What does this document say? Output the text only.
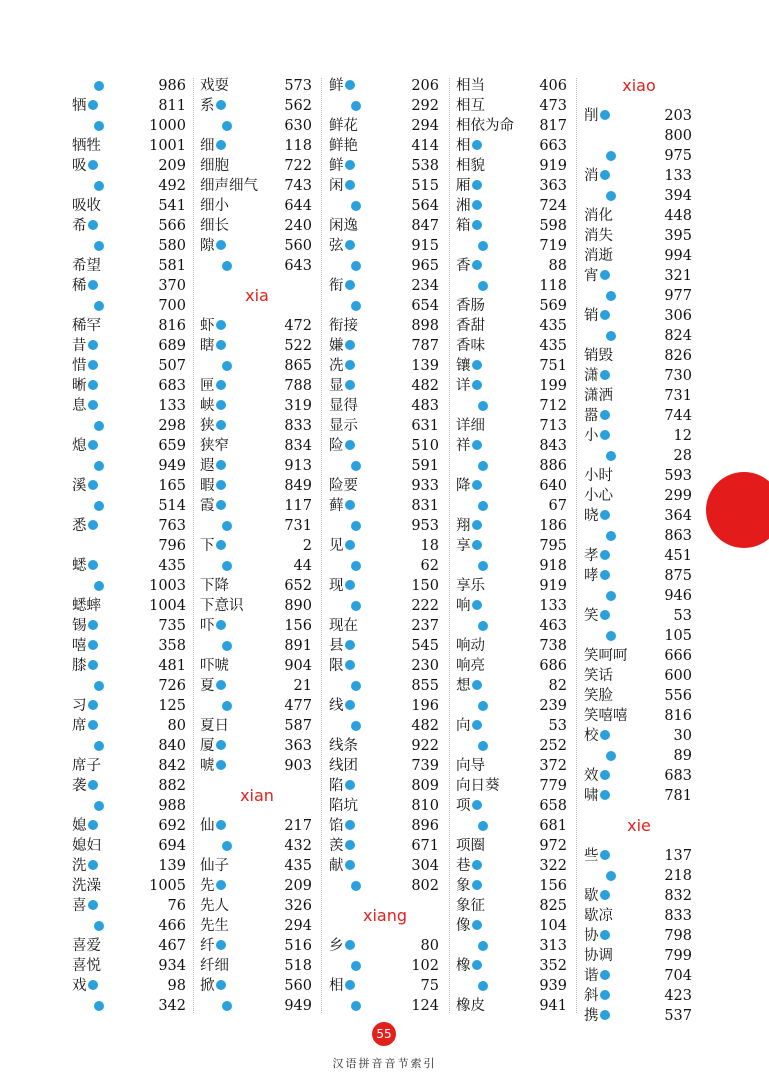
986
牺	811
1000
牺牲	1001
吸	209
492
吸收	541
希	566
580
希望	581
稀	370
700
稀罕	816
昔	689
惜	507
晰	683
息	133
298
熄	659
949
溪	165
514
悉	763
796
蟋	435
1003
蟋蟀	1004
锡	735
嘻	358
膝	481
726
习	125
席	80
840
席子	842
袭	882
988
媳	692
媳妇	694
洗	139
洗澡	1005
喜	76
466
喜爱	467
喜悦	934
戏	98
342
戏耍	573
系	562
630
细	118
细胞	722
细声细气 743
细小	644
细长	240
隙	560
643
xia
虾	472
瞎	522
865
匣	788
峡	319
狭	833
狭窄	834
遐	913
暇	849
霞	117
731
下	2
44
下降	652
下意识	890
吓	156
891
吓唬	904
夏	21
477
夏日	587
厦	363
唬	903
xian
仙	217
432
仙子	435
先	209
先人	326
先生	294
纤	516
纤细	518
掀	560
949
鲜	206
292
鲜花	294
鲜艳	414
鲜	538
闲	515
564
闲逸	847
弦	915
965
衔	234
654
衔接	898
嫌	787
冼	139
显	482
显得	483
显示	631
险	510
591
险要	933
藓	831
953
见	18
62
现	150
222
现在	237
县	545
限	230
855
线	196
482
线条	922
线团	739
陷	809
陷坑	810
馅	896
羡	671
献	304
802
xiang
乡	80
102
相	75
124
相当	406
相互	473
相依为命 817
相	663
相貌	919
厢	363
湘	724
箱	598
719
香	88
118
香肠	569
香甜	435
香味	435
镶	751
详	199
712
详细	713
祥	843
886
降	640
67
翔	186
享	795
918
享乐	919
响	133
463
响动	738
响亮	686
想	82
239
向	53
252
向导	372
向日葵	779
项	658
681
项圈	972
巷	322
象	156
象征	825
像	104
313
橡	352
939
橡皮	941
xiao
削	203
800
975
消	133
394
消化	448
消失	395
消逝	994
宵	321
977
销	306
824
销毁	826
潇	730
潇洒	731
嚣	744
小	12
28
小时	593
小心	299
晓	364
863
孝	451
哮	875
946
笑	53
105
笑呵呵	666
笑话	600
笑脸	556
笑嘻嘻	816
校	30
89
效	683
啸	781
xie
些	137
218
歇	832
歇凉	833
协	798
协调	799
谐	704
斜	423
携	537
55
汉语拼音音节索引
